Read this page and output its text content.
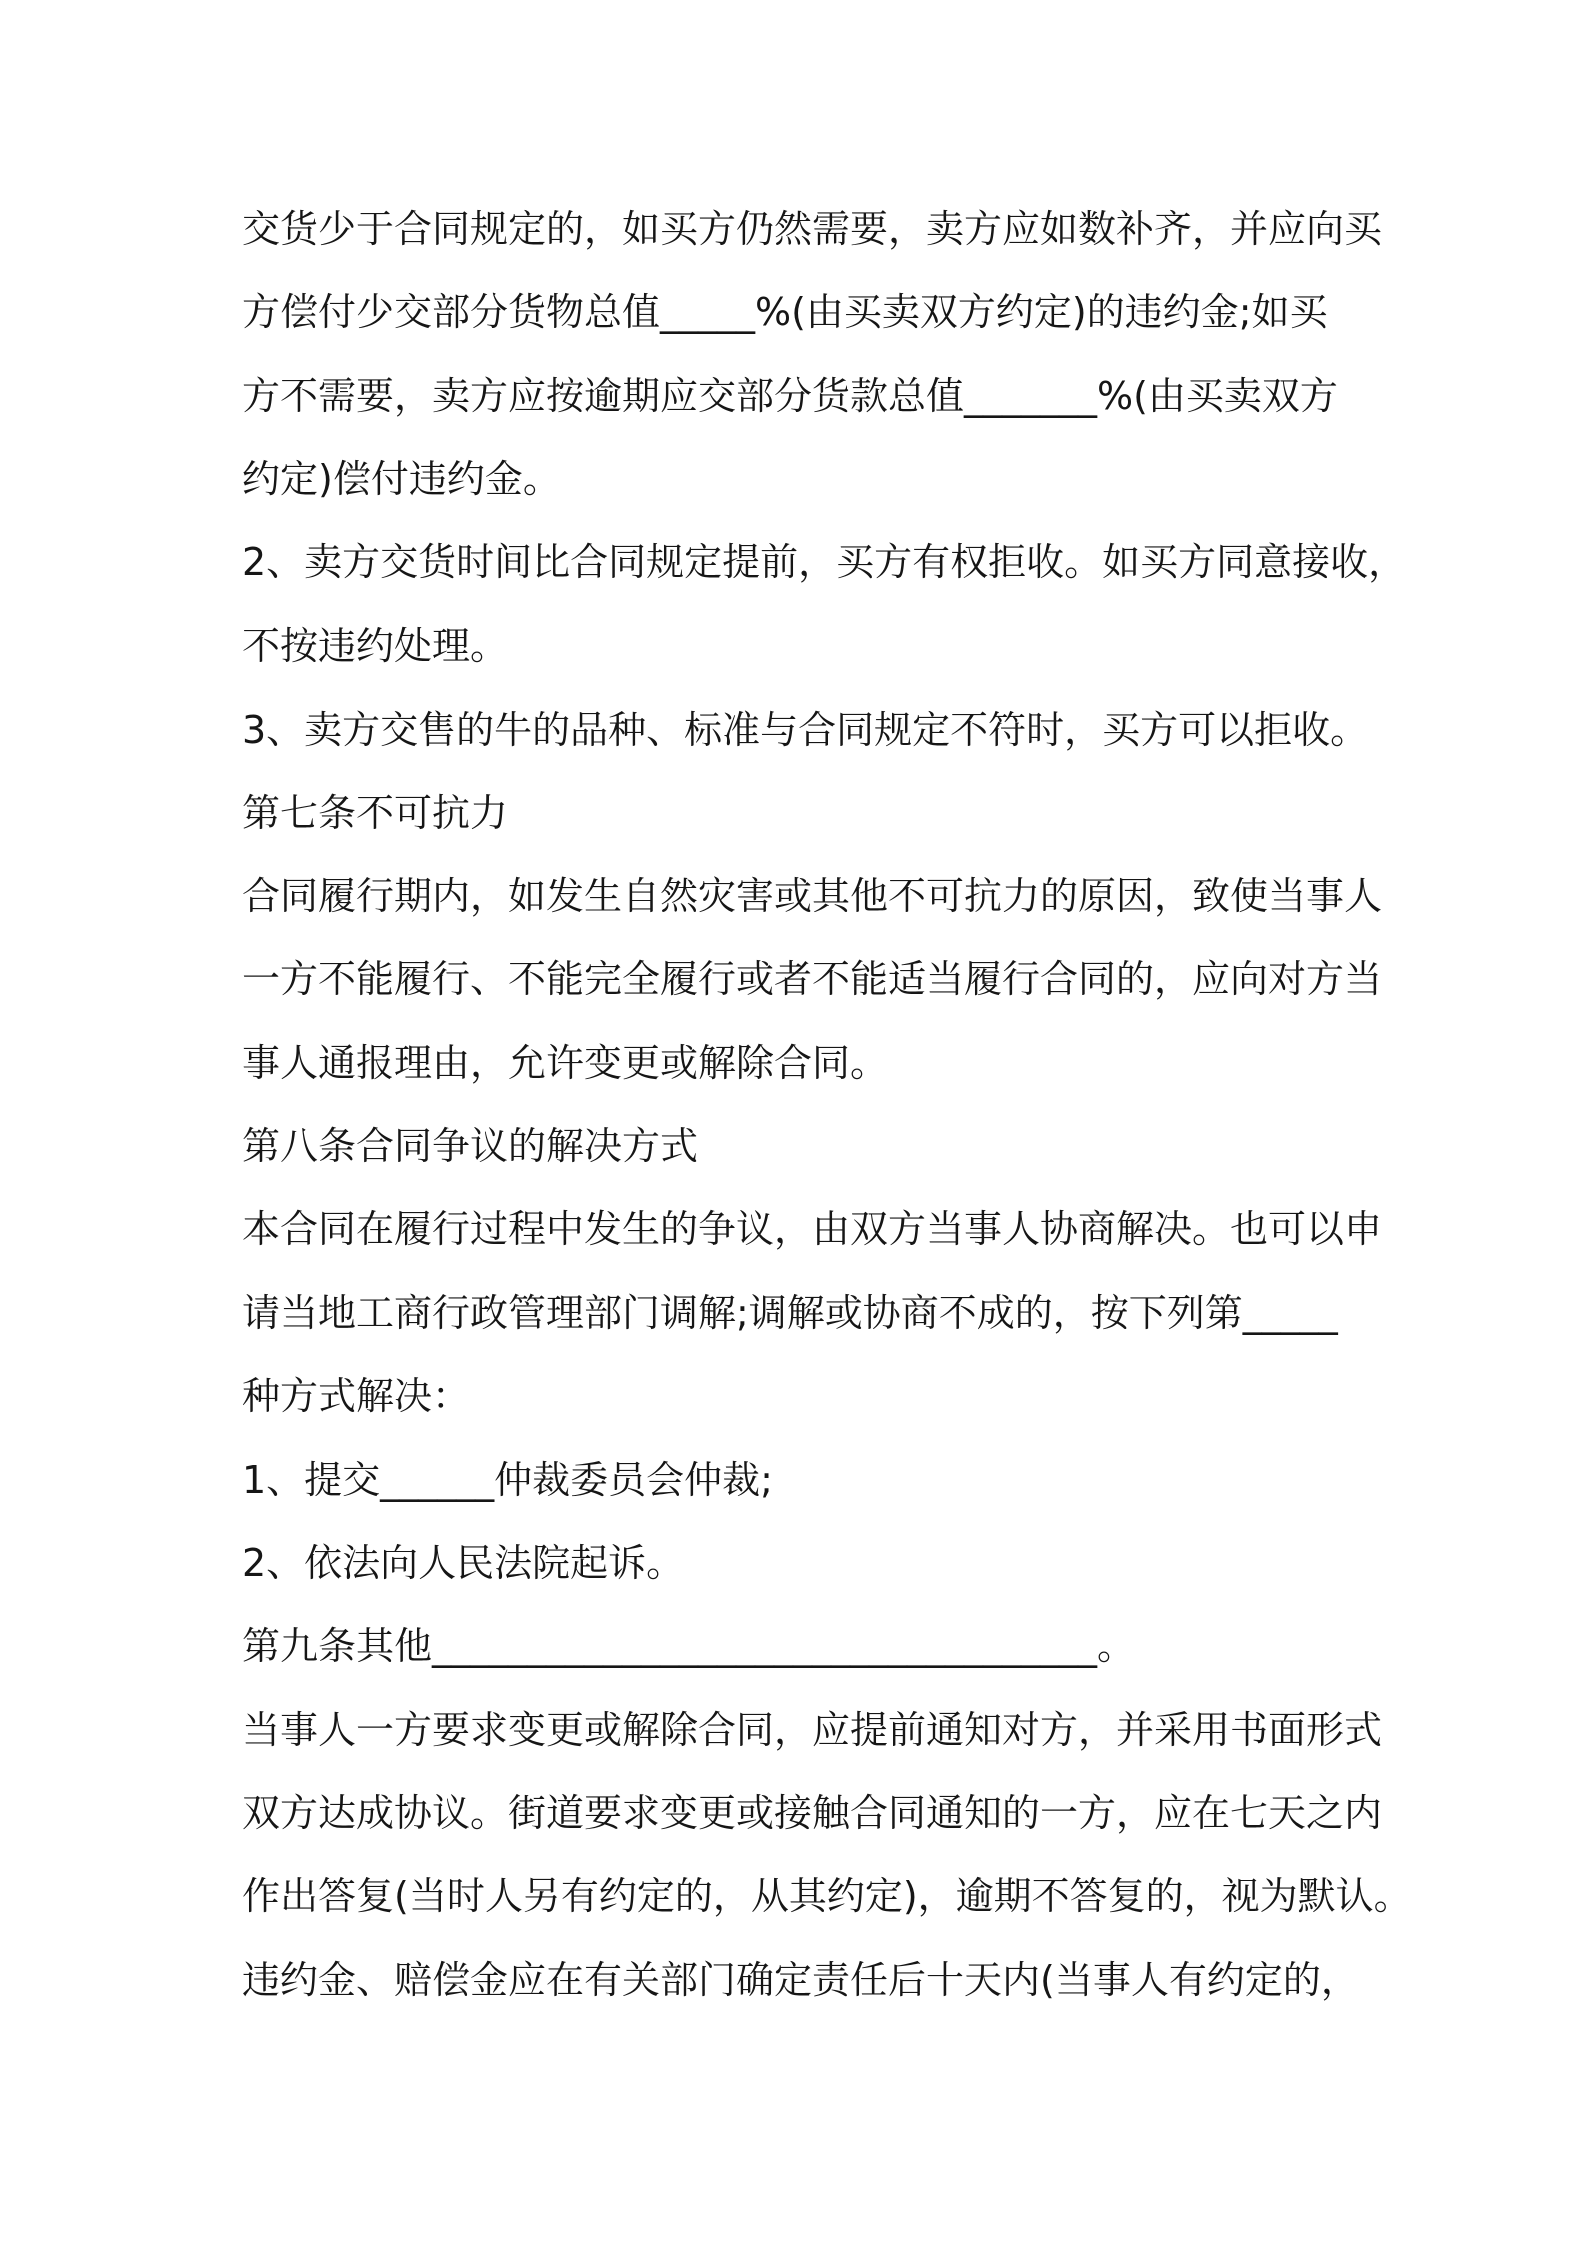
交货少于合同规定的，如买方仍然需要，卖方应如数补齐，并应向买

方偿付少交部分货物总值_____%(由买卖双方约定)的违约金;如买

方不需要，卖方应按逾期应交部分货款总值_______%(由买卖双方

约定)偿付违约金。

2、卖方交货时间比合同规定提前，买方有权拒收。如买方同意接收，

不按违约处理。

3、卖方交售的牛的品种、标准与合同规定不符时，买方可以拒收。

第七条不可抗力

合同履行期内，如发生自然灾害或其他不可抗力的原因，致使当事人

一方不能履行、不能完全履行或者不能适当履行合同的，应向对方当

事人通报理由，允许变更或解除合同。

第八条合同争议的解决方式

本合同在履行过程中发生的争议，由双方当事人协商解决。也可以申

请当地工商行政管理部门调解;调解或协商不成的，按下列第_____

种方式解决：

1、提交______仲裁委员会仲裁;

2、依法向人民法院起诉。

第九条其他___________________________________。

当事人一方要求变更或解除合同，应提前通知对方，并采用书面形式

双方达成协议。街道要求变更或接触合同通知的一方，应在七天之内

作出答复(当时人另有约定的，从其约定)，逾期不答复的，视为默认。

违约金、赔偿金应在有关部门确定责任后十天内(当事人有约定的，
